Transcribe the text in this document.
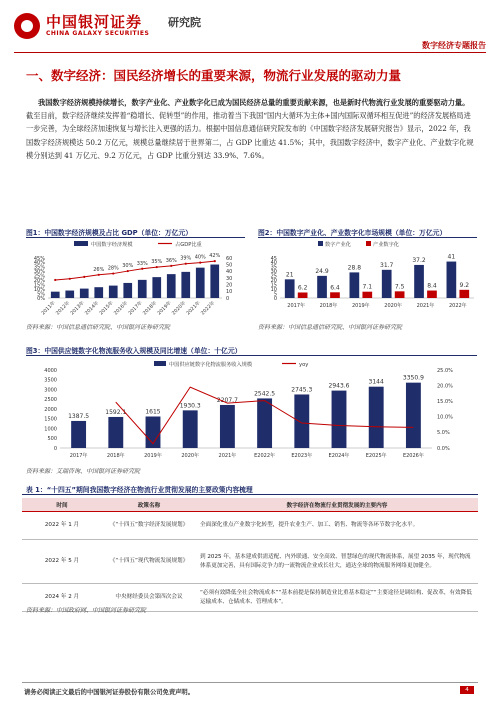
中国银河证券
CHINA GALAXY SECURITIES
研究院
数字经济专题报告
一、数字经济：国民经济增长的重要来源，物流行业发展的驱动力量
我国数字经济规模持续增长，数字产业化、产业数字化已成为国民经济总量的重要贡献来源，也是新时代物流行业发展的重要驱动力量。截至目前，数字经济继续发挥着“稳增长、促转型”的作用，推动着当下我国“国内大循环为主体+国内国际双循环相互促进”的经济发展格局进一步完善，为全球经济加速恢复与增长注入更强的活力。根据中国信息通信研究院发布的《中国数字经济发展研究报告》显示，2022 年，我国数字经济规模达 50.2 万亿元，规模总量继续居于世界第二，占 GDP 比重达 41.5%；其中，我国数字经济中，数字产业化、产业数字化规模分别达到 41 万亿元、9.2 万亿元，占 GDP 比重分别达 33.9%、7.6%。
图1：中国数字经济规模及占比 GDP（单位：万亿元）
中国数字经济规模	占GDP比重
0%
5%
10%
15%
20%
25%
30%
35%
40%
45%
0
10
20
30
40
50
60
2011年
2012年
2013年
2014年
2015年
2016年
2017年
2018年
2019年
2020年
2021年
2022年
26% 28% 30% 33% 35% 36% 39% 40% 42%
资料来源：中国信息通信研究院、中国银河证券研究院
图2：中国数字产业化、产业数字化市场规模（单位：万亿元）
数字产业化	产业数字化
0
5
10
15
20
25
30
35
40
45
21
6.2
2017年
24.9
6.4
2018年
28.8
7.1
2019年
31.7
7.5
2020年
37.2
8.4
2021年
41
9.2
2022年
资料来源：中国信息通信研究院、中国银河证券研究院
图3：中国供应链数字化物流服务收入规模及同比增速（单位：十亿元）
中国供应链数字化物流服务收入规模	yoy
0
500
1000
1500
2000
2500
3000
3500
4000
0.0%
5.0%
10.0%
15.0%
20.0%
25.0%
1387.5
2017年
1592.1
2018年
1615
2019年
1930.3
2020年
2207.7
2021年
2542.5
E2022年
2745.3
E2023年
2943.6
E2024年
3144
E2025年
3350.9
E2026年
资料来源：艾瑞咨询、中国银河证券研究院
表 1：“十四五”期间我国数字经济在物流行业贯彻发展的主要政策内容梳理
时间	政策名称	数字经济在物流行业贯彻发展的主要内容
2022 年 1 月	《“十四五”数字经济发展规划》	全面深化重点产业数字化转型，提升农业生产、加工、销售、物流等各环节数字化水平。
2022 年 5 月	《“十四五”现代物流发展规划》	到 2025 年，基本建成供需适配、内外联通、安全高效、智慧绿色的现代物流体系，展望 2035 年，现代物流体系更加完善，具有国际竞争力的一流物流企业成长壮大，通达全球的物流服务网络更加健全。
2024 年 2 月	中央财经委员会第四次会议	“必须有效降低全社会物流成本”“基本前提是保持制造业比重基本稳定”“主要途径是调结构、促改革，有效降低运输成本、仓储成本、管理成本”。
资料来源：中国政府网、中国银河证券研究院
请务必阅读正文最后的中国银河证券股份有限公司免责声明。	4
